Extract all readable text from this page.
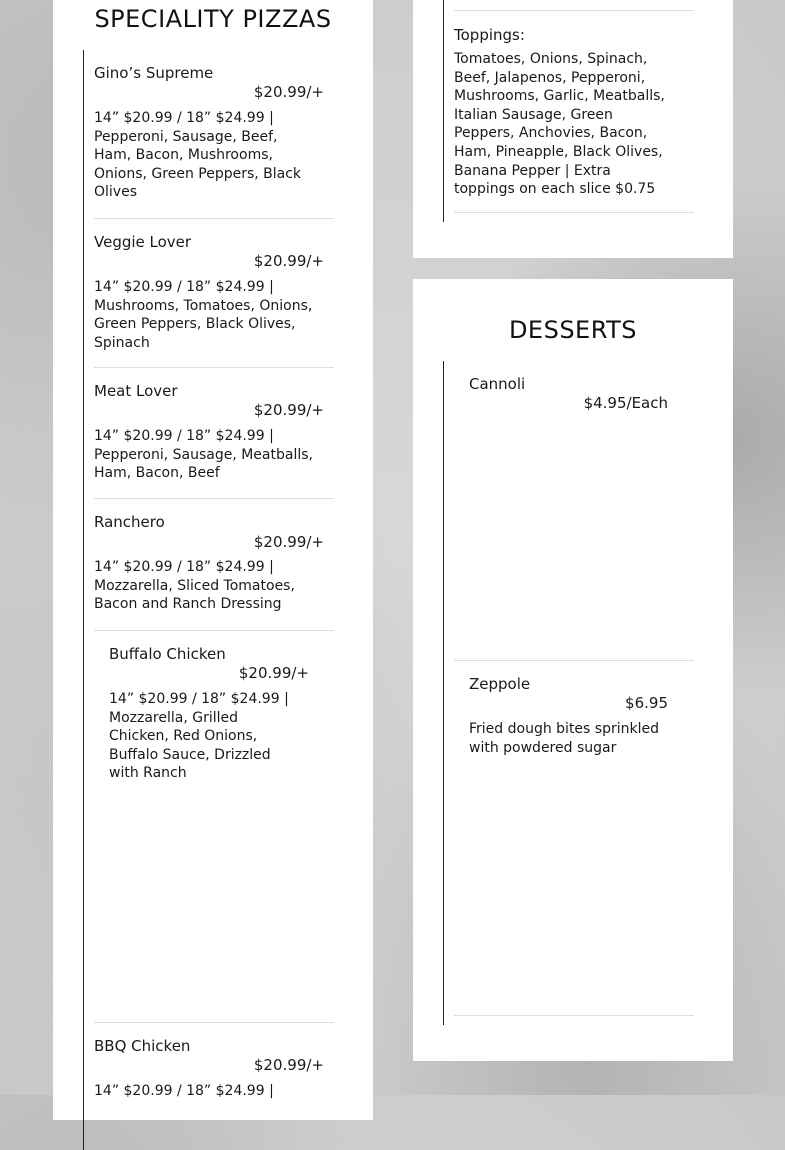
SPECIALITY PIZZAS
Gino’s Supreme
$20.99/+
14” $20.99 / 18” $24.99 | Pepperoni, Sausage, Beef, Ham, Bacon, Mushrooms, Onions, Green Peppers, Black Olives
Veggie Lover
$20.99/+
14” $20.99 / 18” $24.99 | Mushrooms, Tomatoes, Onions, Green Peppers, Black Olives, Spinach
Meat Lover
$20.99/+
14” $20.99 / 18” $24.99 | Pepperoni, Sausage, Meatballs, Ham, Bacon, Beef
Ranchero
$20.99/+
14” $20.99 / 18” $24.99 | Mozzarella, Sliced Tomatoes, Bacon and Ranch Dressing
Buffalo Chicken
$20.99/+
14” $20.99 / 18” $24.99 | Mozzarella, Grilled Chicken, Red Onions, Buffalo Sauce, Drizzled with Ranch
BBQ Chicken
$20.99/+
14” $20.99 / 18” $24.99 |
Toppings:
Tomatoes, Onions, Spinach, Beef, Jalapenos, Pepperoni, Mushrooms, Garlic, Meatballs, Italian Sausage, Green Peppers, Anchovies, Bacon, Ham, Pineapple, Black Olives, Banana Pepper | Extra toppings on each slice $0.75
DESSERTS
Cannoli
$4.95/Each
Zeppole
$6.95
Fried dough bites sprinkled with powdered sugar
